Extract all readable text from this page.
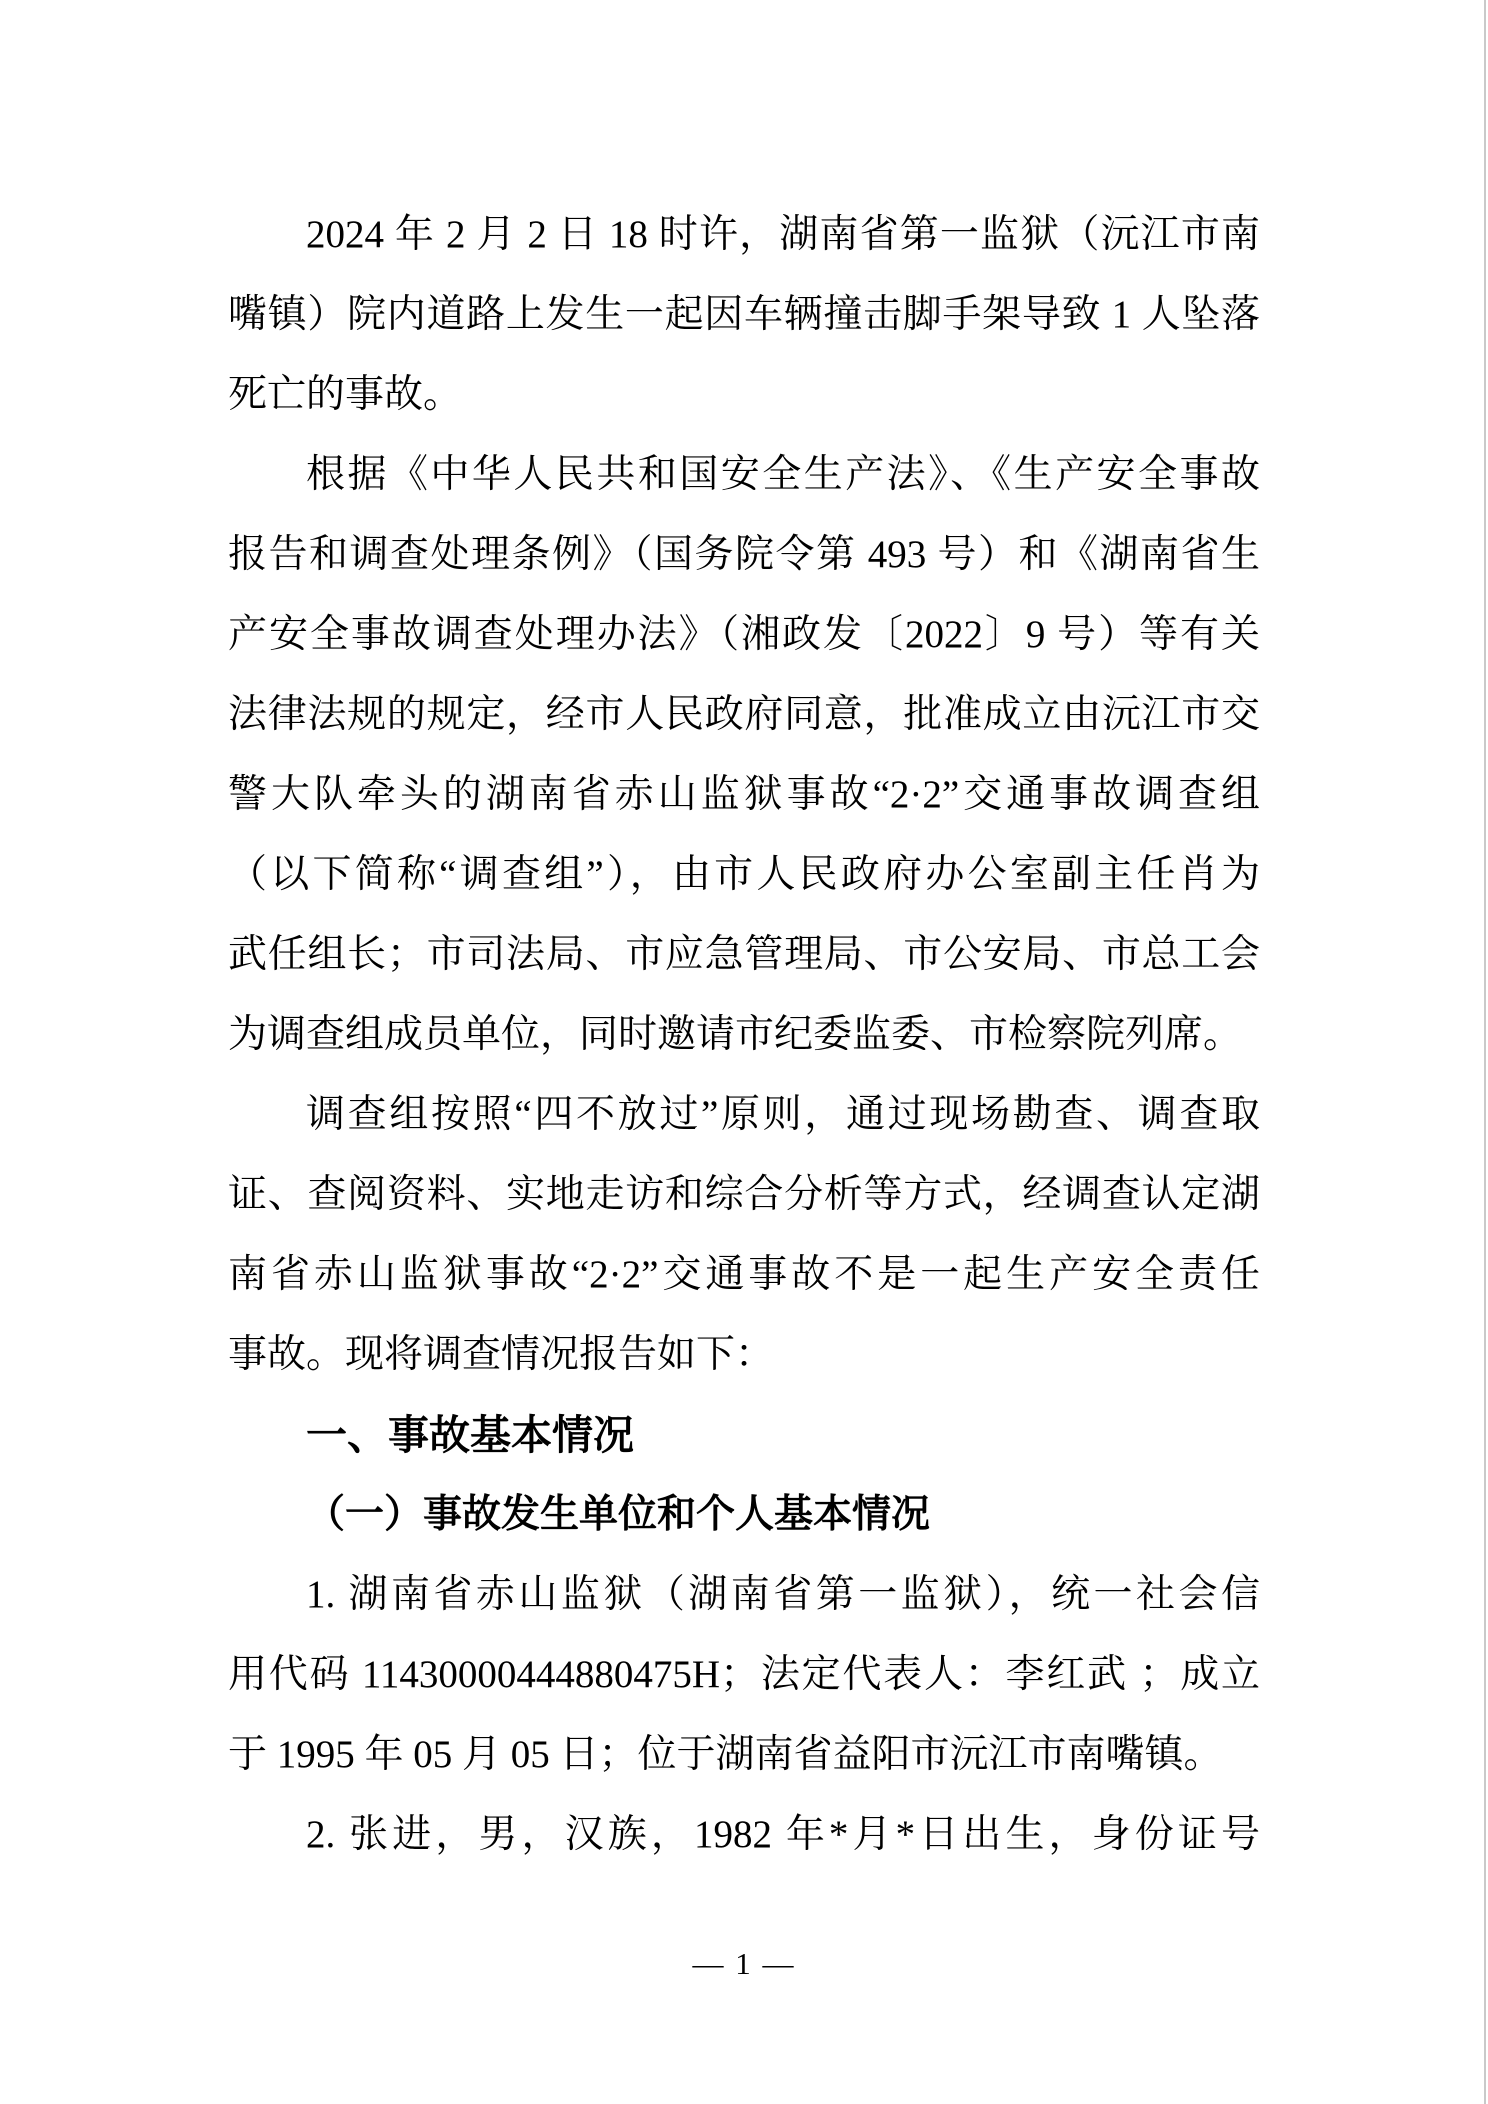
2024 年 2 月 2 日 18 时许，湖南省第一监狱（沅江市南
嘴镇）院内道路上发生一起因车辆撞击脚手架导致 1 人坠落
死亡的事故。
根据《中华人民共和国安全生产法》、《生产安全事故
报告和调查处理条例》（国务院令第 493 号）和《湖南省生
产安全事故调查处理办法》（湘政发〔2022〕9 号）等有关
法律法规的规定，经市人民政府同意，批准成立由沅江市交
警大队牵头的湖南省赤山监狱事故“2·2”交通事故调查组
（以下简称“调查组”），由市人民政府办公室副主任肖为
武任组长；市司法局、市应急管理局、市公安局、市总工会
为调查组成员单位，同时邀请市纪委监委、市检察院列席。
调查组按照“四不放过”原则，通过现场勘查、调查取
证、查阅资料、实地走访和综合分析等方式，经调查认定湖
南省赤山监狱事故“2·2”交通事故不是一起生产安全责任
事故。现将调查情况报告如下：
一、事故基本情况
（一）事故发生单位和个人基本情况
1. 湖南省赤山监狱（湖南省第一监狱），统一社会信
用代码 11430000444880475H；法定代表人：李红武 ；成立
于 1995 年 05 月 05 日；位于湖南省益阳市沅江市南嘴镇。
2. 张进，男，汉族，1982 年*月*日出生，身份证号
— 1 —
